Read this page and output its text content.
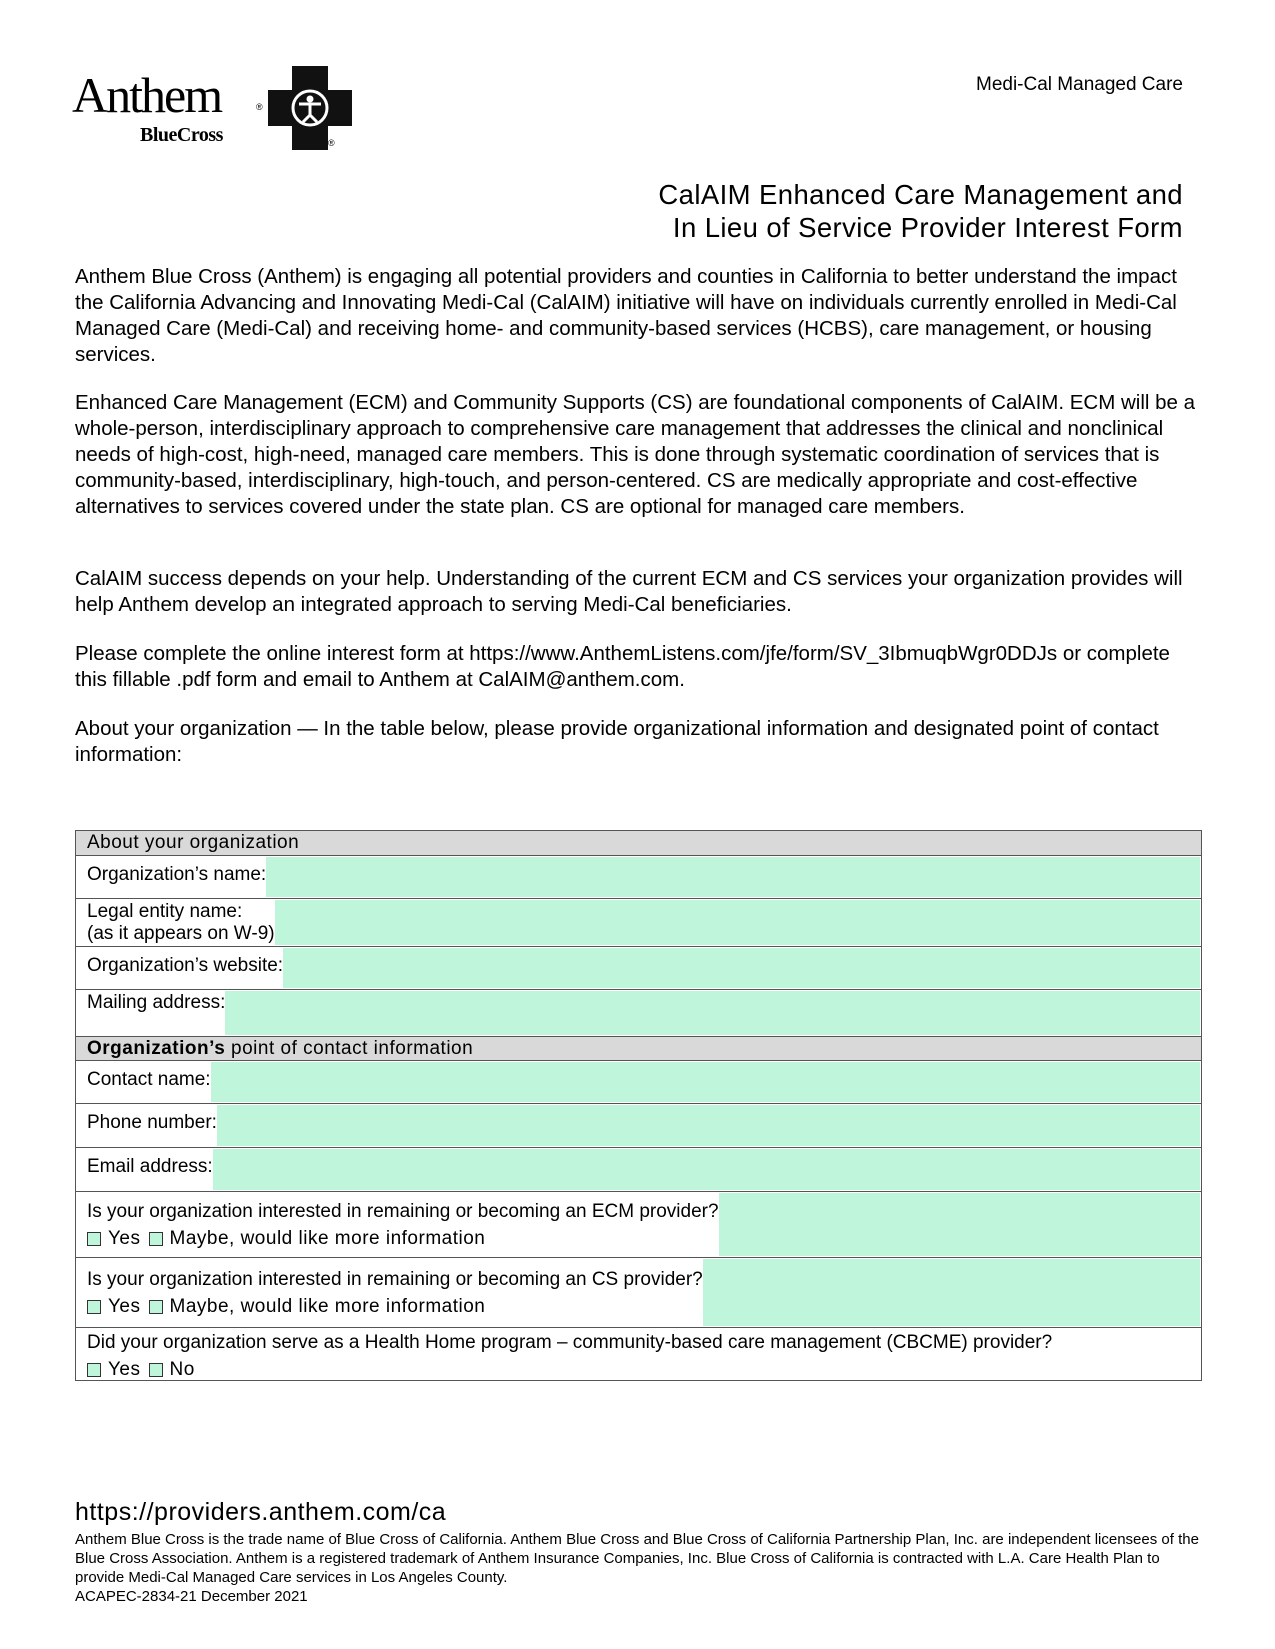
Anthem	®
BlueCross	®
Medi-Cal Managed Care
CalAIM Enhanced Care Management and
In Lieu of Service Provider Interest Form

Anthem Blue Cross (Anthem) is engaging all potential providers and counties in California to better understand the impact the California Advancing and Innovating Medi-Cal (CalAIM) initiative will have on individuals currently enrolled in Medi-Cal Managed Care (Medi-Cal) and receiving home- and community-based services (HCBS), care management, or housing services.

Enhanced Care Management (ECM) and Community Supports (CS) are foundational components of CalAIM. ECM will be a whole-person, interdisciplinary approach to comprehensive care management that addresses the clinical and nonclinical needs of high-cost, high-need, managed care members. This is done through systematic coordination of services that is community-based, interdisciplinary, high-touch, and person-centered. CS are medically appropriate and cost-effective alternatives to services covered under the state plan. CS are optional for managed care members.

CalAIM success depends on your help. Understanding of the current ECM and CS services your organization provides will help Anthem develop an integrated approach to serving Medi-Cal beneficiaries.

Please complete the online interest form at https://www.AnthemListens.com/jfe/form/SV_3IbmuqbWgr0DDJs or complete this fillable .pdf form and email to Anthem at CalAIM@anthem.com.

About your organization — In the table below, please provide organizational information and designated point of contact information:

About your organization
Organization’s name:
Legal entity name:
(as it appears on W-9)
Organization’s website:
Mailing address:
Organization’s point of contact information
Contact name:
Phone number:
Email address:
Is your organization interested in remaining or becoming an ECM provider?
Yes Maybe, would like more information
Is your organization interested in remaining or becoming an CS provider?
Yes Maybe, would like more information
Did your organization serve as a Health Home program – community-based care management (CBCME) provider?
Yes No
https://providers.anthem.com/ca
Anthem Blue Cross is the trade name of Blue Cross of California. Anthem Blue Cross and Blue Cross of California Partnership Plan, Inc. are independent licensees of the Blue Cross Association. Anthem is a registered trademark of Anthem Insurance Companies, Inc. Blue Cross of California is contracted with L.A. Care Health Plan to provide Medi-Cal Managed Care services in Los Angeles County.
ACAPEC-2834-21 December 2021
